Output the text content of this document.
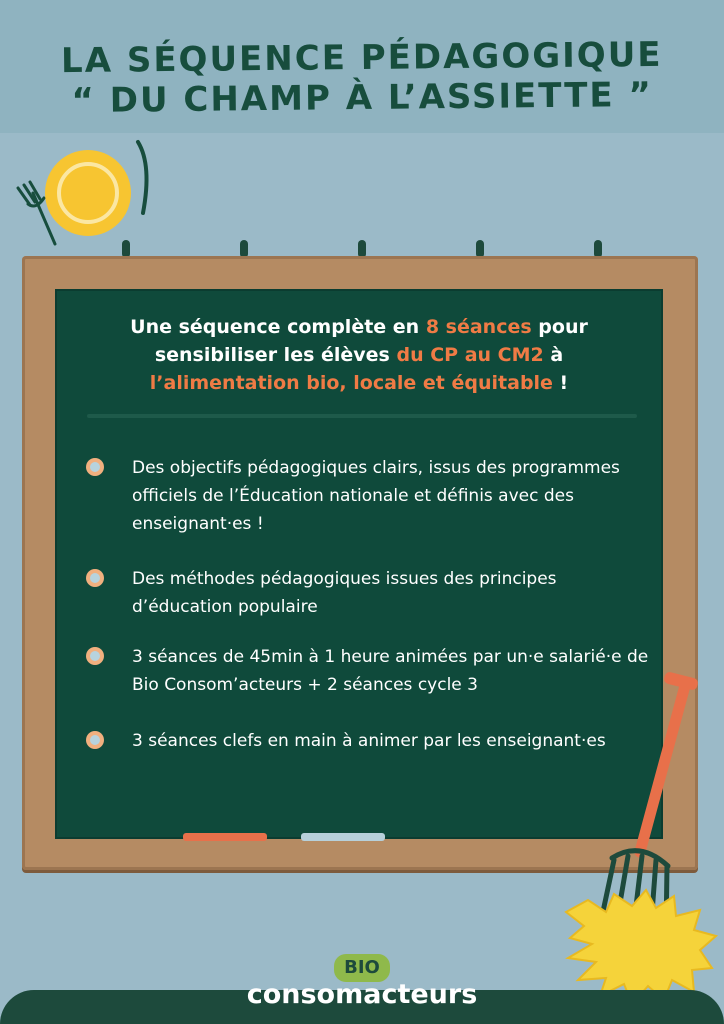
LA SÉQUENCE PÉDAGOGIQUE
“ DU CHAMP À L’ASSIETTE ”
Une séquence complète en 8 séances pour
sensibiliser les élèves du CP au CM2 à
l’alimentation bio, locale et équitable !
Des objectifs pédagogiques clairs, issus des programmes officiels de l’Éducation nationale et définis avec des enseignant·es !
Des méthodes pédagogiques issues des principes d’éducation populaire
3 séances de 45min à 1 heure animées par un·e salarié·e de Bio Consom’acteurs + 2 séances cycle 3
3 séances clefs en main à animer par les enseignant·es
BIO
consomacteurs
